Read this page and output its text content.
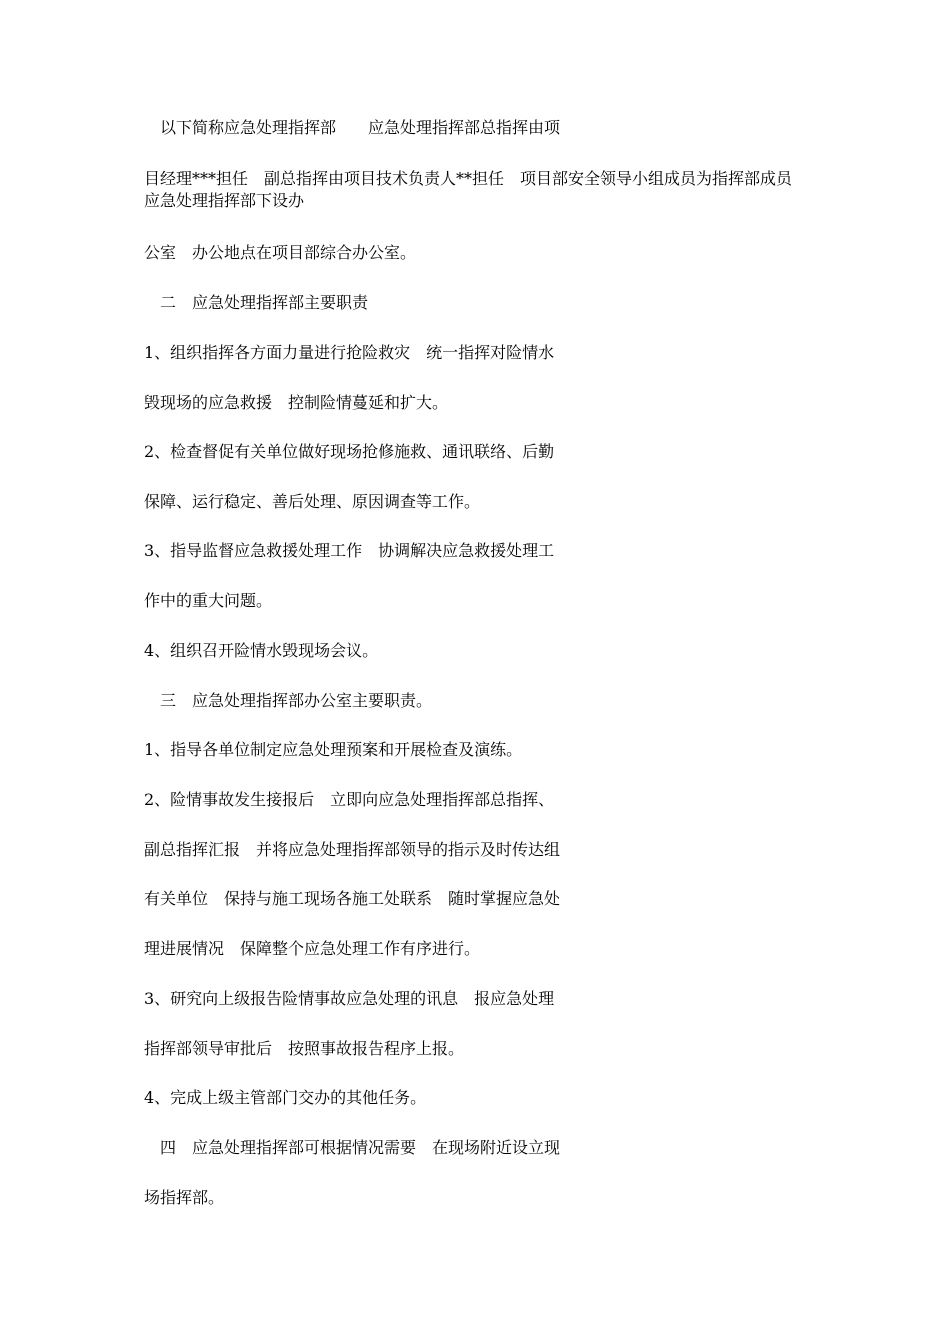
　以下简称应急处理指挥部　　应急处理指挥部总指挥由项

目经理***担任　副总指挥由项目技术负责人**担任　项目部安全领导小组成员为指挥部成员　应急处理指挥部下设办

公室　办公地点在项目部综合办公室。

　二　应急处理指挥部主要职责

1、组织指挥各方面力量进行抢险救灾　统一指挥对险情水

毁现场的应急救援　控制险情蔓延和扩大。

2、检查督促有关单位做好现场抢修施救、通讯联络、后勤

保障、运行稳定、善后处理、原因调查等工作。

3、指导监督应急救援处理工作　协调解决应急救援处理工

作中的重大问题。

4、组织召开险情水毁现场会议。

　三　应急处理指挥部办公室主要职责。

1、指导各单位制定应急处理预案和开展检查及演练。

2、险情事故发生接报后　立即向应急处理指挥部总指挥、

副总指挥汇报　并将应急处理指挥部领导的指示及时传达组

有关单位　保持与施工现场各施工处联系　随时掌握应急处

理进展情况　保障整个应急处理工作有序进行。

3、研究向上级报告险情事故应急处理的讯息　报应急处理

指挥部领导审批后　按照事故报告程序上报。

4、完成上级主管部门交办的其他任务。

　四　应急处理指挥部可根据情况需要　在现场附近设立现

场指挥部。
